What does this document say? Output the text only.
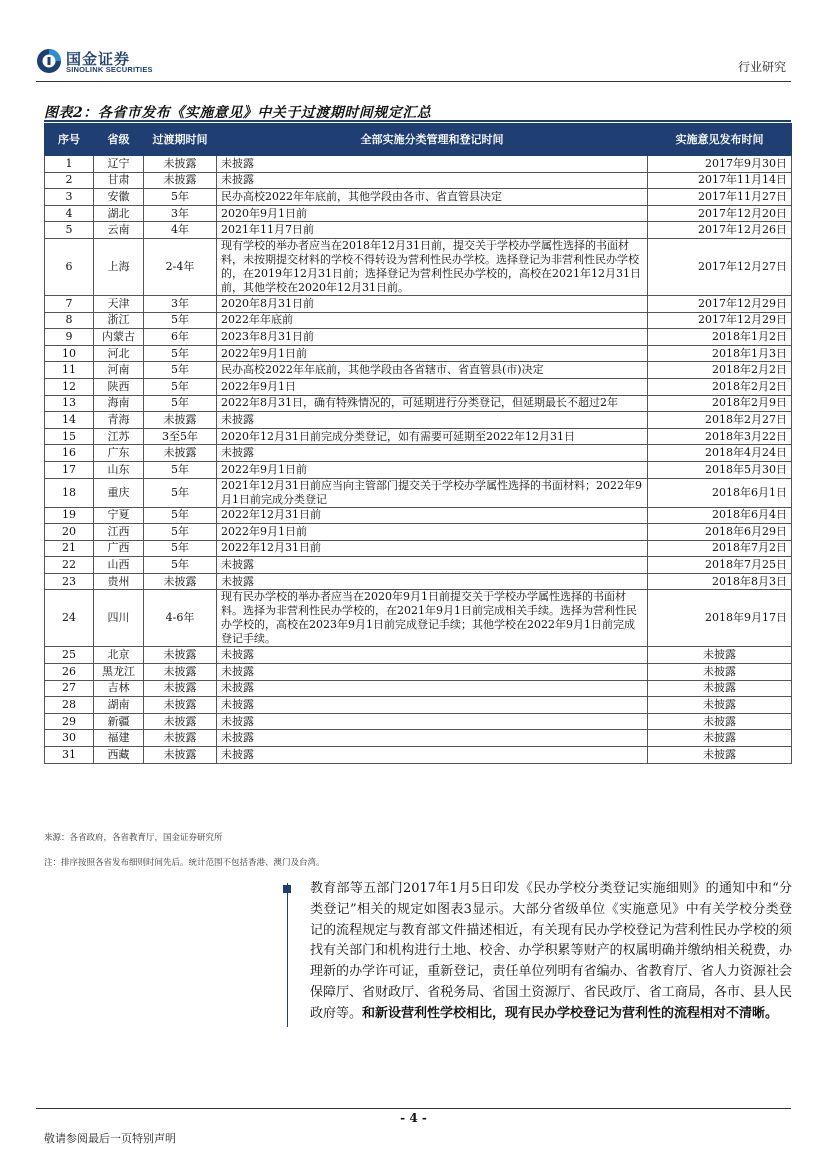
国金证券
SINOLINK SECURITIES	行业研究
图表2：各省市发布《实施意见》中关于过渡期时间规定汇总
序号	省级	过渡期时间	全部实施分类管理和登记时间	实施意见发布时间
1	辽宁	未披露	未披露	2017年9月30日
2	甘肃	未披露	未披露	2017年11月14日
3	安徽	5年	民办高校2022年年底前，其他学段由各市、省直管县决定	2017年11月27日
4	湖北	3年	2020年9月1日前	2017年12月20日
5	云南	4年	2021年11月7日前	2017年12月26日
6	上海	2-4年	现有学校的举办者应当在2018年12月31日前，提交关于学校办学属性选择的书面材料，未按期提交材料的学校不得转设为营利性民办学校。选择登记为非营利性民办学校的，在2019年12月31日前；选择登记为营利性民办学校的，高校在2021年12月31日前，其他学校在2020年12月31日前。	2017年12月27日
7	天津	3年	2020年8月31日前	2017年12月29日
8	浙江	5年	2022年年底前	2017年12月29日
9	内蒙古	6年	2023年8月31日前	2018年1月2日
10	河北	5年	2022年9月1日前	2018年1月3日
11	河南	5年	民办高校2022年年底前，其他学段由各省辖市、省直管县(市)决定	2018年2月2日
12	陕西	5年	2022年9月1日	2018年2月2日
13	海南	5年	2022年8月31日，确有特殊情况的，可延期进行分类登记，但延期最长不超过2年	2018年2月9日
14	青海	未披露	未披露	2018年2月27日
15	江苏	3至5年	2020年12月31日前完成分类登记，如有需要可延期至2022年12月31日	2018年3月22日
16	广东	未披露	未披露	2018年4月24日
17	山东	5年	2022年9月1日前	2018年5月30日
18	重庆	5年	2021年12月31日前应当向主管部门提交关于学校办学属性选择的书面材料；2022年9月1日前完成分类登记	2018年6月1日
19	宁夏	5年	2022年12月31日前	2018年6月4日
20	江西	5年	2022年9月1日前	2018年6月29日
21	广西	5年	2022年12月31日前	2018年7月2日
22	山西	5年	未披露	2018年7月25日
23	贵州	未披露	未披露	2018年8月3日
24	四川	4-6年	现有民办学校的举办者应当在2020年9月1日前提交关于学校办学属性选择的书面材料。选择为非营利性民办学校的，在2021年9月1日前完成相关手续。选择为营利性民办学校的，高校在2023年9月1日前完成登记手续；其他学校在2022年9月1日前完成登记手续。	2018年9月17日
25	北京	未披露	未披露	未披露
26	黑龙江	未披露	未披露	未披露
27	吉林	未披露	未披露	未披露
28	湖南	未披露	未披露	未披露
29	新疆	未披露	未披露	未披露
30	福建	未披露	未披露	未披露
31	西藏	未披露	未披露	未披露
来源：各省政府，各省教育厅，国金证券研究所
注：排序按照各省发布细则时间先后。统计范围不包括香港、澳门及台湾。
教育部等五部门2017年1月5日印发《民办学校分类登记实施细则》的通知中和“分类登记”相关的规定如图表3显示。大部分省级单位《实施意见》中有关学校分类登记的流程规定与教育部文件描述相近，有关现有民办学校登记为营利性民办学校的须找有关部门和机构进行土地、校舍、办学积累等财产的权属明确并缴纳相关税费，办理新的办学许可证，重新登记，责任单位列明有省编办、省教育厅、省人力资源社会保障厅、省财政厅、省税务局、省国土资源厅、省民政厅、省工商局，各市、县人民政府等。和新设营利性学校相比，现有民办学校登记为营利性的流程相对不清晰。
- 4 -
敬请参阅最后一页特别声明
